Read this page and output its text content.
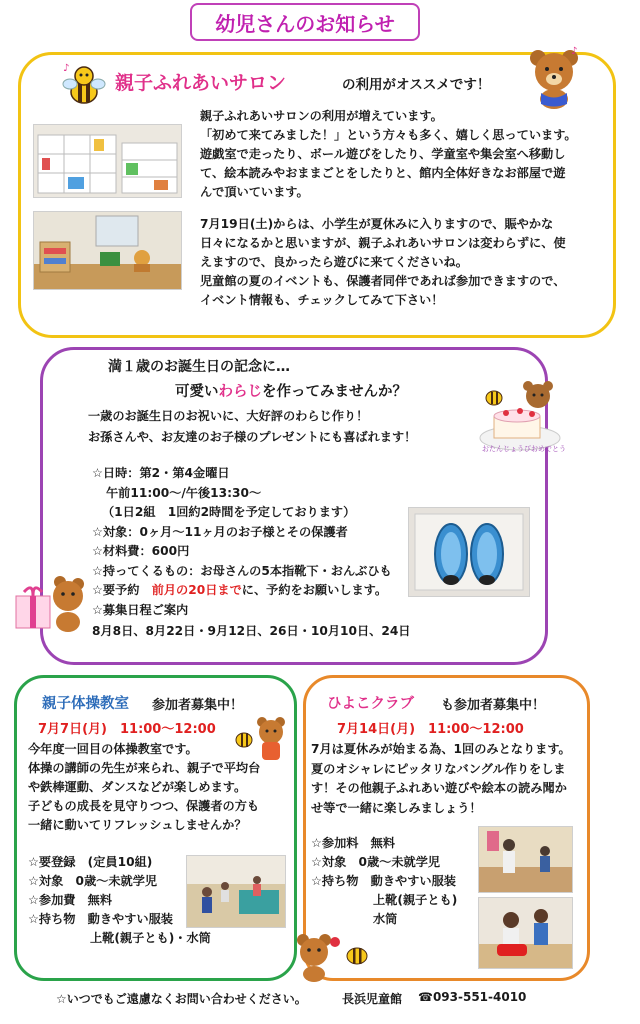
幼児さんのお知らせ
♪
親子ふれあいサロン	の利用がオススメです！
♪
親子ふれあいサロンの利用が増えています。
「初めて来てみました！」という方々も多く、嬉しく思っています。
遊戯室で走ったり、ボール遊びをしたり、学童室や集会室へ移動し
て、絵本読みやおままごとをしたりと、館内全体好きなお部屋で遊
んで頂いています。
7月19日(土)からは、小学生が夏休みに入りますので、賑やかな
日々になるかと思いますが、親子ふれあいサロンは変わらずに、使
えますので、良かったら遊びに来てくださいね。
児童館の夏のイベントも、保護者同伴であれば参加できますので、
イベント情報も、チェックしてみて下さい！
満１歳のお誕生日の記念に…
可愛いわらじを作ってみませんか？
一歳のお誕生日のお祝いに、大好評のわらじ作り！
お孫さんや、お友達のお子様のプレゼントにも喜ばれます！
☆日時：第2・第4金曜日
午前11:00～/午後13:30～
（1日2組　1回約2時間を予定しております）
☆対象：0ヶ月～11ヶ月のお子様とその保護者
☆材料費：600円
☆持ってくるもの：お母さんの5本指靴下・おんぶひも
☆要予約　前月の20日までに、予約をお願いします。
☆募集日程ご案内
8月8日、8月22日・9月12日、26日・10月10日、24日
おたんじょうびおめでとう
親子体操教室 参加者募集中！
7月7日(月)　11:00～12:00
今年度一回目の体操教室です。
体操の講師の先生が来られ、親子で平均台
や鉄棒運動、ダンスなどが楽しめます。
子どもの成長を見守りつつ、保護者の方も
一緒に動いてリフレッシュしませんか？
☆要登録　(定員10組)
☆対象　0歳～未就学児
☆参加費　無料
☆持ち物　動きやすい服装
上靴(親子とも)・水筒
ひよこクラブ も参加者募集中！
7月14日(月)　11:00～12:00
7月は夏休みが始まる為、1回のみとなります。
夏のオシャレにピッタリなバングル作りをしま
す！その他親子ふれあい遊びや絵本の読み聞か
せ等で一緒に楽しみましょう！
☆参加料　無料
☆対象　0歳～未就学児
☆持ち物　動きやすい服装
上靴(親子とも)
水筒
☆いつでもご遠慮なくお問い合わせください。	長浜児童館 ☎093-551-4010
